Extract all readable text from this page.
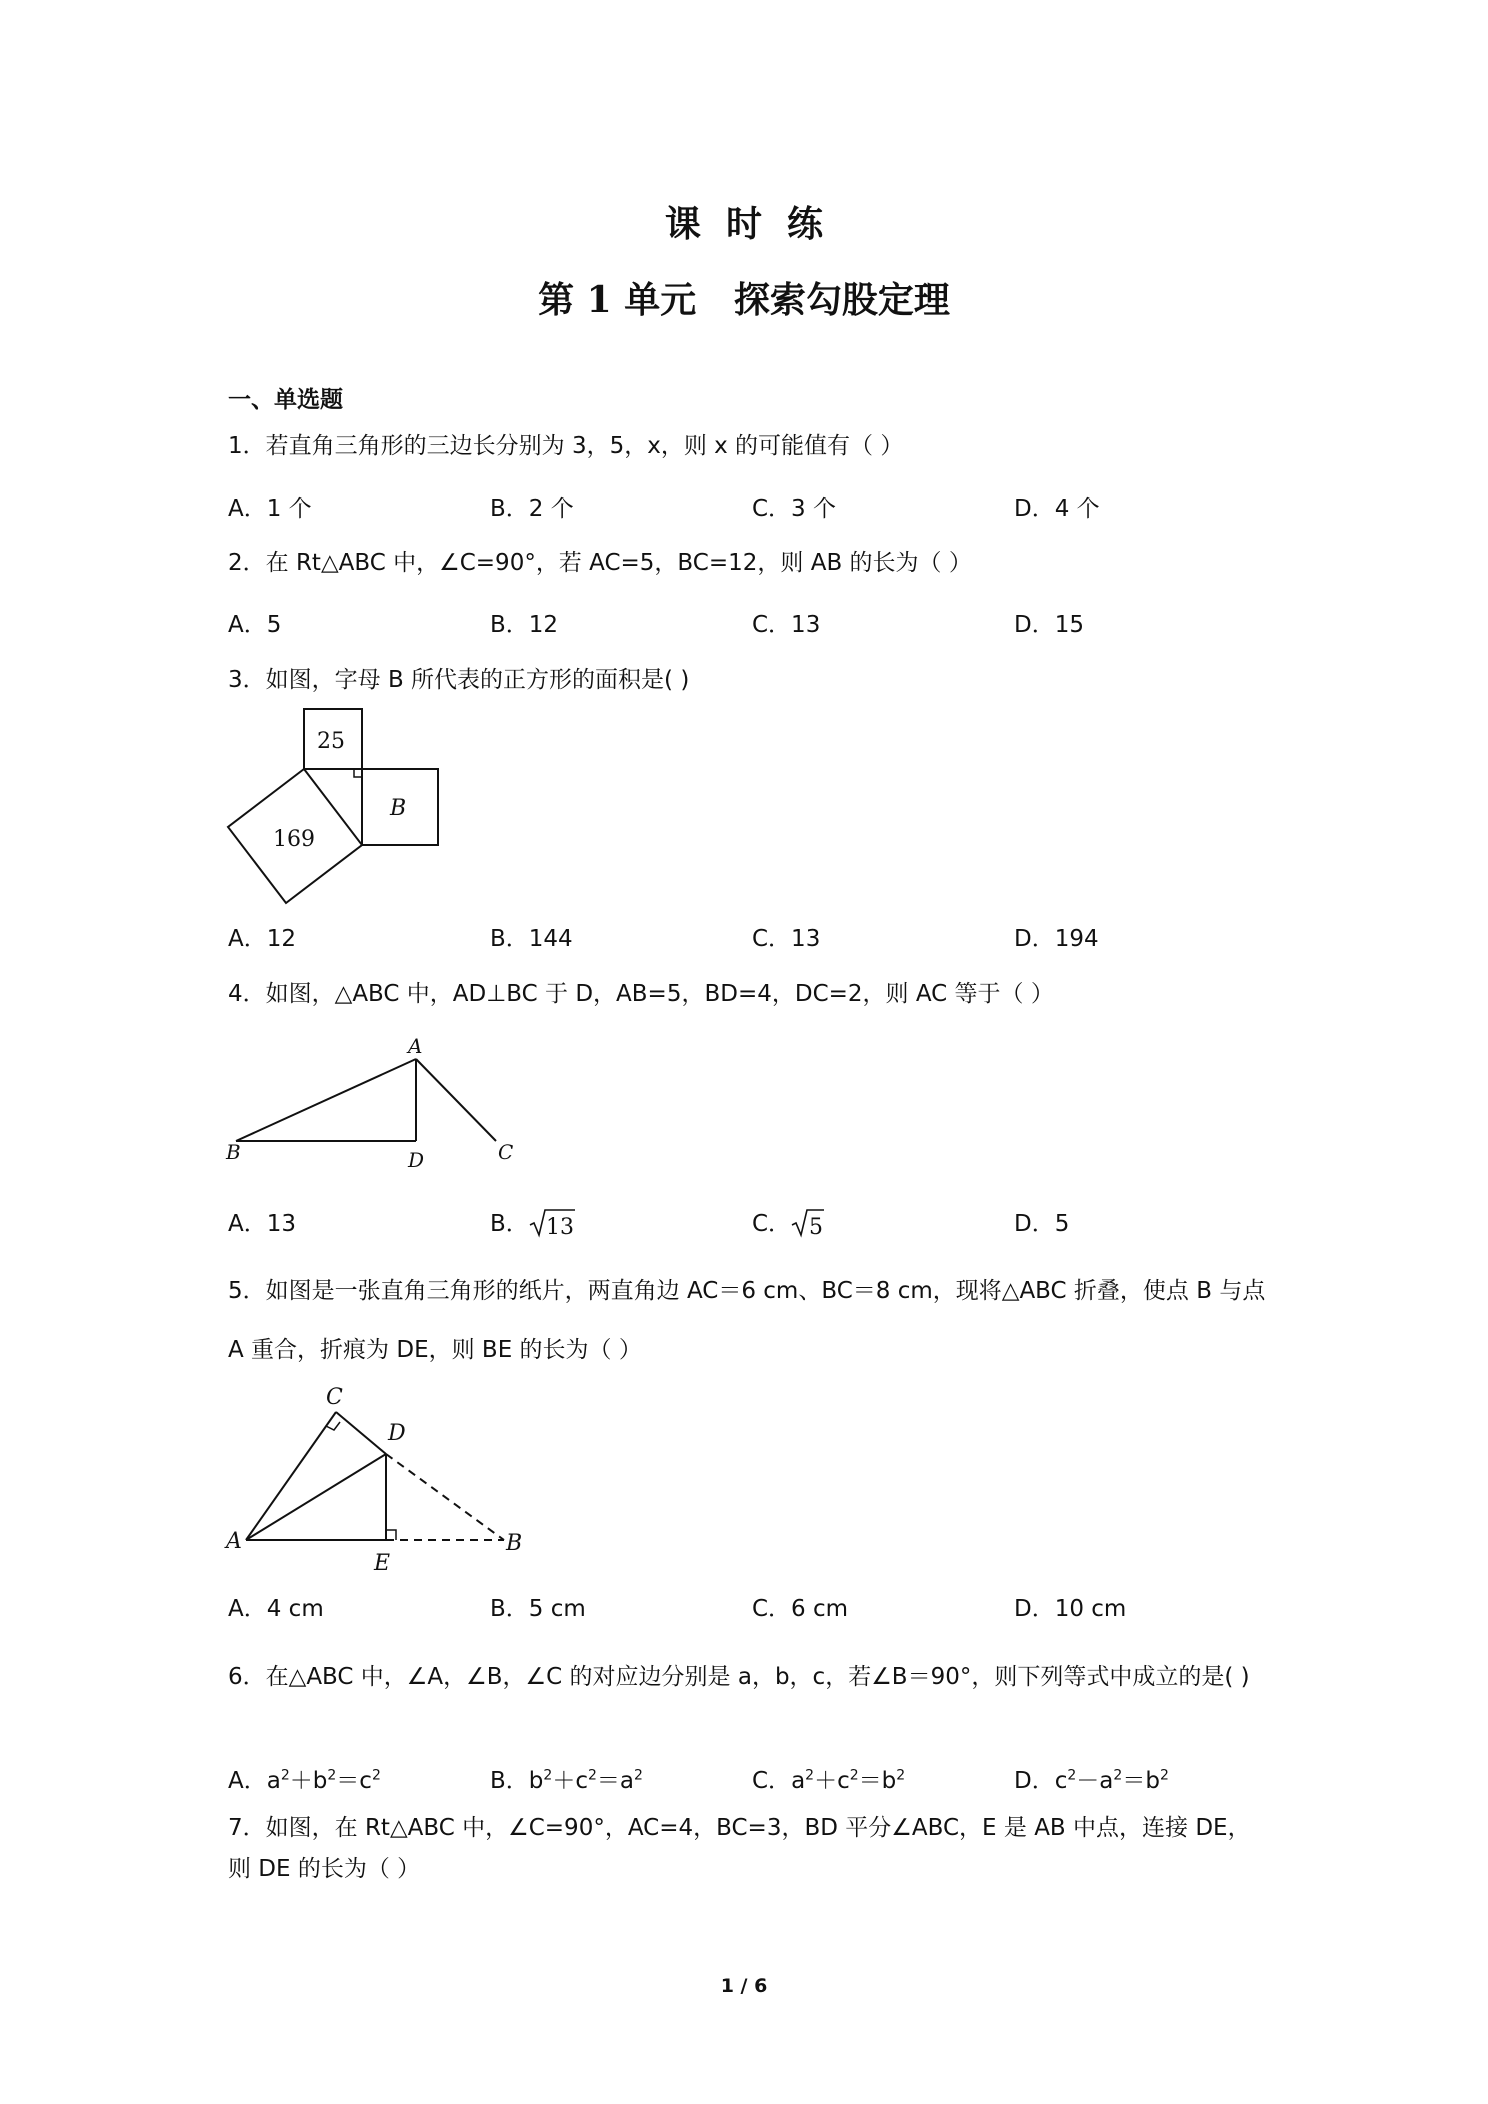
课  时  练
第 1 单元   探索勾股定理
一、单选题
1．若直角三角形的三边长分别为 3，5，x，则 x 的可能值有（ ）
A．1 个	B．2 个	C．3 个	D．4 个
2．在 Rt△ABC 中，∠C=90°，若 AC=5，BC=12，则 AB 的长为（ ）
A．5	B．12	C．13	D．15
3．如图，字母 B 所代表的正方形的面积是( )
25
169
B
A．12	B．144	C．13	D．194
4．如图，△ABC 中，AD⊥BC 于 D，AB=5，BD=4，DC=2，则 AC 等于（ ）
A
B	D	C
A．13	B． 13	C． 5	D．5
5．如图是一张直角三角形的纸片，两直角边 AC＝6 cm、BC＝8 cm，现将△ABC 折叠，使点 B 与点 A 重合，折痕为 DE，则 BE 的长为（ ）
C
D
A
E
B
A．4 cm	B．5 cm	C．6 cm	D．10 cm
6．在△ABC 中，∠A，∠B，∠C 的对应边分别是 a，b，c，若∠B＝90°，则下列等式中成立的是( )
A．$a^2+b^2=c^2$	B．$b^2+c^2=a^2$	C．$a^2+c^2=b^2$	D．$c^2-a^2=b^2$
7．如图，在 Rt△ABC 中，∠C=90°，AC=4，BC=3，BD 平分∠ABC，E 是 AB 中点，连接 DE，
则 DE 的长为（ ）
1 / 6
